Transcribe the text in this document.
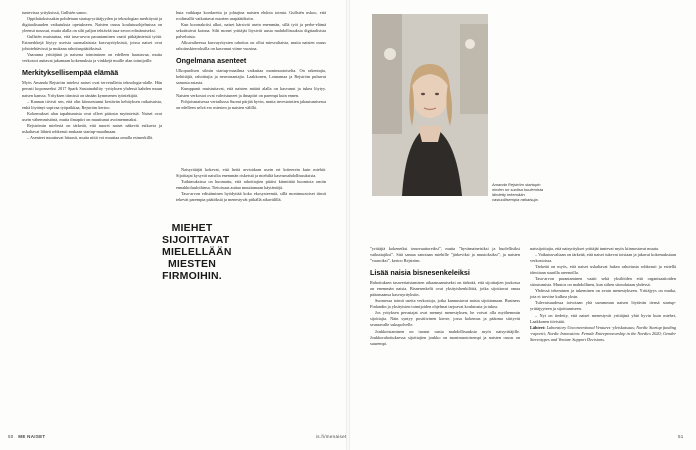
tuntevissa yrityksissä, Gullstén sanoo.

Oppilaitoksissakin pohdetaan startup-yrittäjyyden ja teknologian merkitystä ja digitaalisuuden vaikutuksia opetukseen. Naisten osuus koulutusohjelmissa on yleensä noussut, mutta alalla on silti paljon tehtävää tasa-arvon edistämiseksi.

Gullstén muistuttaa, että tasa-arvon parantaminen vaatii pitkäjänteistä työtä. Esimerkkejä löytyy useista suomalaisista kasvuyrityksistä, joissa naiset ovat johtotehtävissä ja mukana rahoituspäätöksissä.

Vaaranna yrittäjänä ja naisena toimiminen on edelleen haastavaa, mutta verkostot auttavat jakamaan kokemuksia ja vinkkejä muille alan toimijoille.

Merkityksellisempää elämää

Myös Amanda Rejström mielesi naiset ovat tervetulleita teknologia-alalle. Hän perusti koponseeksi 2017 Spark Sustainability -yrityksen yhdessä kahden muun naisen kanssa. Yrityksen tiimissä on tänään kymmenen työntekijää.

– Kannan tiivisti sen, että olin kiinnostunut kestävän kehityksen ratkaisuista, enkä löytänyt sopivaa työpaikkaa, Rejström kertoo.

Kokemukset alan tapahtumista ovat olleet pääosin myönteisiä. Naiset ovat usein vähemmistönä, mutta ilmapiiri on muuttunut avoimemmaksi.

Rejströmin mielestä on tärkeää, että nuoret naiset näkevät esikuvia ja uskaltavat lähteä rohkeasti mukaan startup-maailmaan.

– Asenteet muuttuvat hitaasti, mutta niitä voi muuttaa omalla esimerkillä.

huta vaikkapa koodareita ja johtajina naisten ehdota toimia. Gullstén uskoo, että roolimallit vaikuttavat nuorten urapäätöksiin.

Kun koronakriisi alkoi, naiset kärsivät usein enemmän, sillä työt ja perhe-elämä sekoittuivat kotona. Silti monet yrittäjät löysivät uusia mahdollisuuksia digitaalisista palveluista.

Alkuvaiheessa kasvuyritysten rahoitus on ollut miesvaltaista, mutta naisten osuus rahoituskierroksilla on kasvanut viime vuosina.

Ongelmana asenteet

Ulkopuolisen silmin startup-maailma vaikuttaa monimuotoiselta. On rakentajia, kehittäjiä, rahoittajia ja neuvonantajia. Laakkonen, Lounamaa ja Rejström puhuvat samasta asiasta.

Kumppanit muistuttavat, että naisten määrä alalla on kasvanut ja tukea löytyy. Naisten verkostot ovat vahvistuneet ja ilmapiiri on parempi kuin ennen.

Pohjoismaisessa vertailussa Suomi pärjää hyvin, mutta investointien jakautumisessa on edelleen selvä ero miesten ja naisten välillä.

Naisyrittäjät kokevat, että heitä arvioidaan usein eri kriteerein kuin miehiä. Sijoittajat kysyvät naisilta enemmän riskeistä ja miehiltä kasvumahdollisuuksista.

Tutkimuksissa on huomattu, että rahoittajien pitäisi kiinnittää huomiota omiin ennakkoluuloihinsa. Tietoisuus auttaa muuttamaan käytäntöjä.

Tasa-arvon edistäminen hyödyttää koko ekosysteemiä, sillä monimuotoiset tiimit tekevät parempia päätöksiä ja menestyvät pitkällä aikavälillä.

MIEHET SIJOITTAVAT MIELELLÄÄN MIESTEN FIRMOIHIN.
Amanda Rejström startupin nimien on suolisa kuulemista lähdetty tekemään vastuullisempia ratkaisuja.

”yrittäjiä kokeneiksi innovaattoreiksi”, mutta ”hyvämaineisiksi ja huolellisiksi vaikuttajiksi”. Sitä samaa sanotaan miehille ”järkeviksi ja muutoksiksi”, ja naisten ”vaaroiksi”, kertoo Rejström.

Lisää naisia bisnesenkeleiksi

Rahoituksen tasavertaistamisen aikaansaamiseksi on tärkeää, että sijoittajien joukossa on enemmän naisia. Bisnesenkelit ovat yksityishenkilöitä, jotka sijoittavat omaa pääomaansa kasvuyrityksiin.

Suomessa toimii useita verkostoja, jotka kannustavat naisia sijoittamaan. Business Finlandin ja yksityisten toimijoiden ohjelmat tarjoavat koulutusta ja tukea.

Jos yrityksen perustajat ovat mennyt menestyksen, he voivat olla myöhemmin sijoittajia. Näin syntyy positiivinen kierre, jossa kokemus ja pääoma siirtyvät seuraavalle sukupolvelle.

Joukkoistaminen on tuonut uusia mahdollisuuksia myös naisyrittäjille. Joukkorahoituksessa sijoittajien joukko on monimuotoisempi ja naisten osuus on suurempi.

naissijoittajia, että naisyritykset yrittäjät tuntevat myös kiinnostavat muuta.

– Vaikutusvaltaan on tärkeää, että naiset tukevat toisiaan ja jakavat kokemuksiaan verkostoissa.

Tärkeää on myös, että naiset uskaltavat hakea rahoitusta rohkeasti ja esitellä ideoitaan suurilla areenoilla.

Tasa-arvon parantaminen vaatii sekä yksilöiden että organisaatioiden sitoutumista. Muutos on mahdollinen, kun siihen sitoudutaan yhdessä.

Yhdessä tekeminen ja tukeminen on avain menestykseen. Yrittäjyys on matka, jota ei tarvitse kulkea yksin.

Tulevaisuudessa toivotaan yhä useamman naisen löytävän tiensä startup-yrittäjyyteen ja sijoittamiseen.

– Nyt on tiedetty, että naiset menestyvät yrittäjinä yhtä hyvin kuin miehet, Laakkonen tiivistää.

Lähteet: Laboratory Unconventional Ventures -yleiskatsaus; Nordic Startup funding -raportti; Nordic Innovation: Female Entrepreneurship in the Nordics 2020; Gender Stereotypes and Venture Support Decisions.

50 ME NAISET	is.fi/menaiset	51
